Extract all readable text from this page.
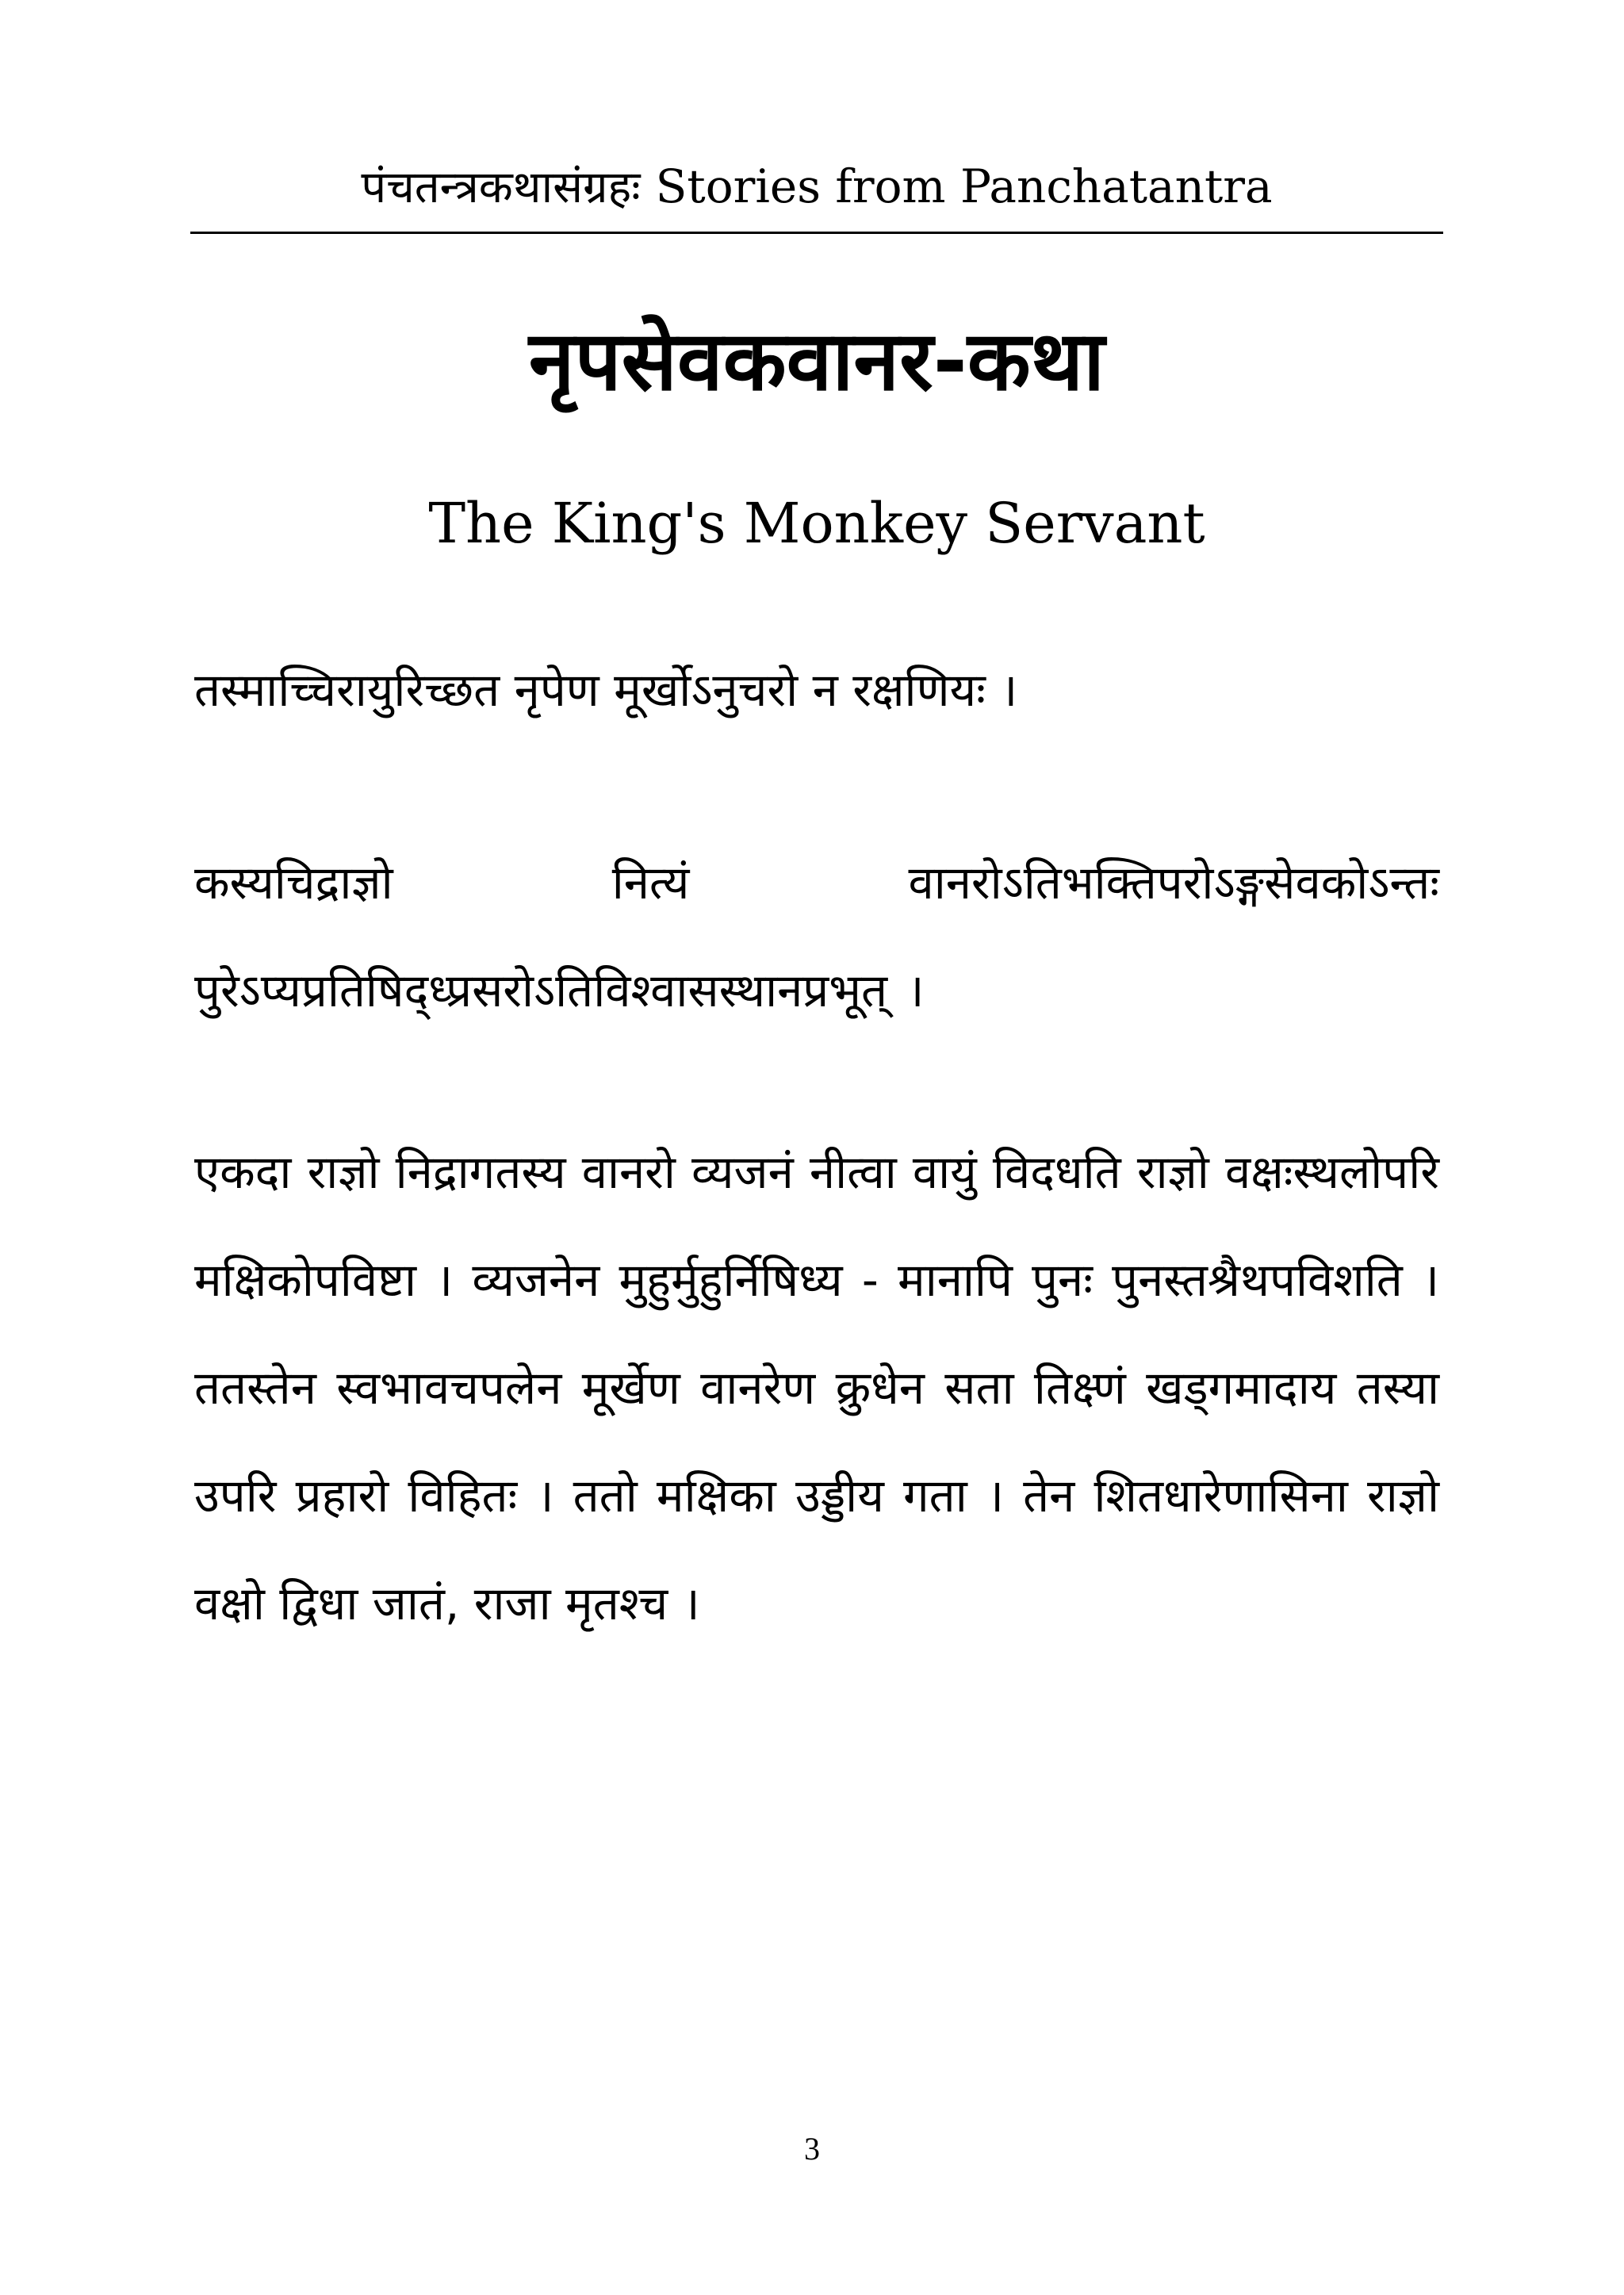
पंचतन्त्रकथासंग्रहः Stories from Panchatantra
नृपसेवकवानर-कथा
The King's Monkey Servant

तस्माच्चिरायुरिच्छत नृपेण मूर्खोऽनुचरो न रक्षणियः ।

कस्यचिद्राज्ञो नित्यं वानरोऽतिभक्तिपरोऽङ्गसेवकोऽन्तः पुरेऽप्यप्रतिषिद्ध्प्रसरोऽतिविश्वासस्थानप्रभूत् ।

एकदा राज्ञो निद्रागतस्य वानरो व्यजनं नीत्वा वायुं विदधति राज्ञो वक्षःस्थलोपरि मक्षिकोपविष्टा । व्यजनेन मुहुर्मुहुर्निषिध्य - मानापि पुनः पुनस्तश्रैथपविशति । ततस्तेन स्वभावचपलेन मूर्खेण वानरेण क्रुधेन सता तिक्ष्णं खड्गमादाय तस्या उपरि प्रहारो विहितः । ततो मक्षिका उड्डीय गता । तेन शितधारेणासिना राज्ञो वक्षो द्विधा जातं, राजा मृतश्च ।

3
